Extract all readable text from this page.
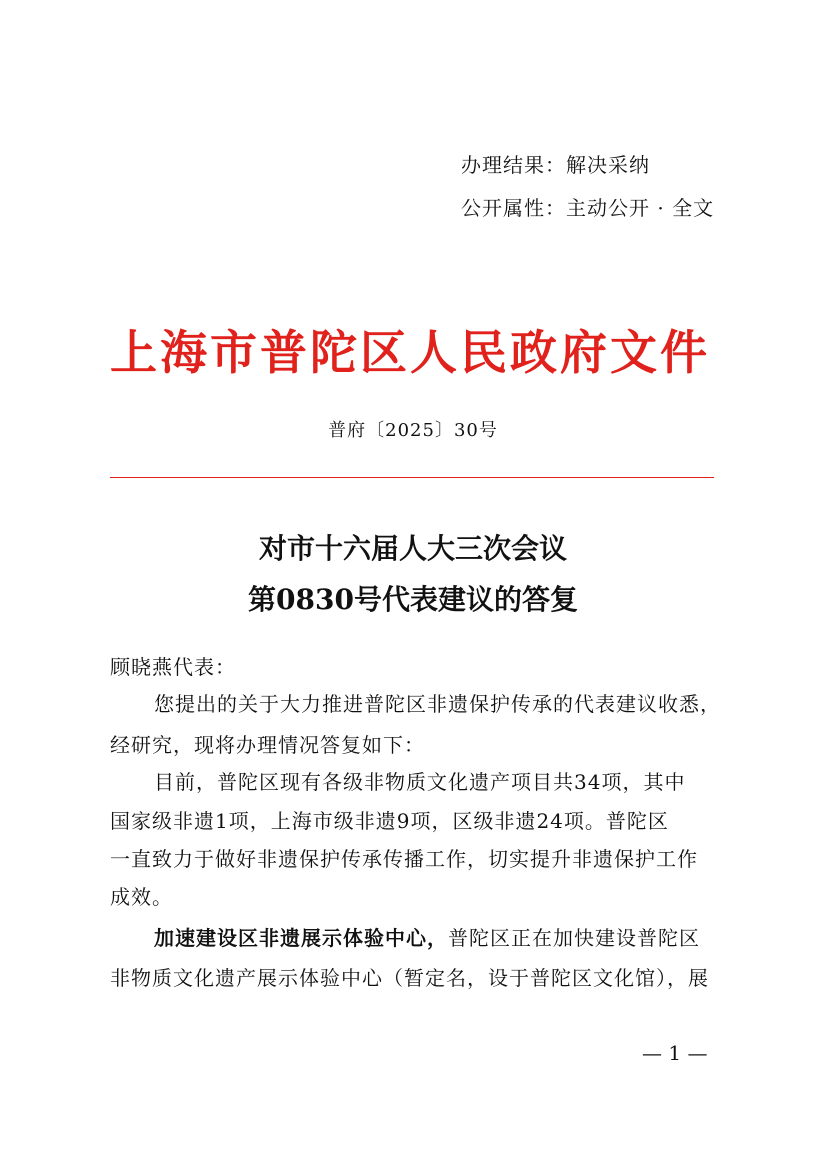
办理结果：解决采纳
公开属性：主动公开 · 全文
上海市普陀区人民政府文件
普府〔2025〕30号
对市十六届人大三次会议
第0830号代表建议的答复
顾晓燕代表：
您提出的关于大力推进普陀区非遗保护传承的代表建议收悉，
经研究，现将办理情况答复如下：
目前，普陀区现有各级非物质文化遗产项目共34项，其中
国家级非遗1项，上海市级非遗9项，区级非遗24项。普陀区
一直致力于做好非遗保护传承传播工作，切实提升非遗保护工作
成效。
加速建设区非遗展示体验中心，普陀区正在加快建设普陀区
非物质文化遗产展示体验中心（暂定名，设于普陀区文化馆），展
— 1 —
